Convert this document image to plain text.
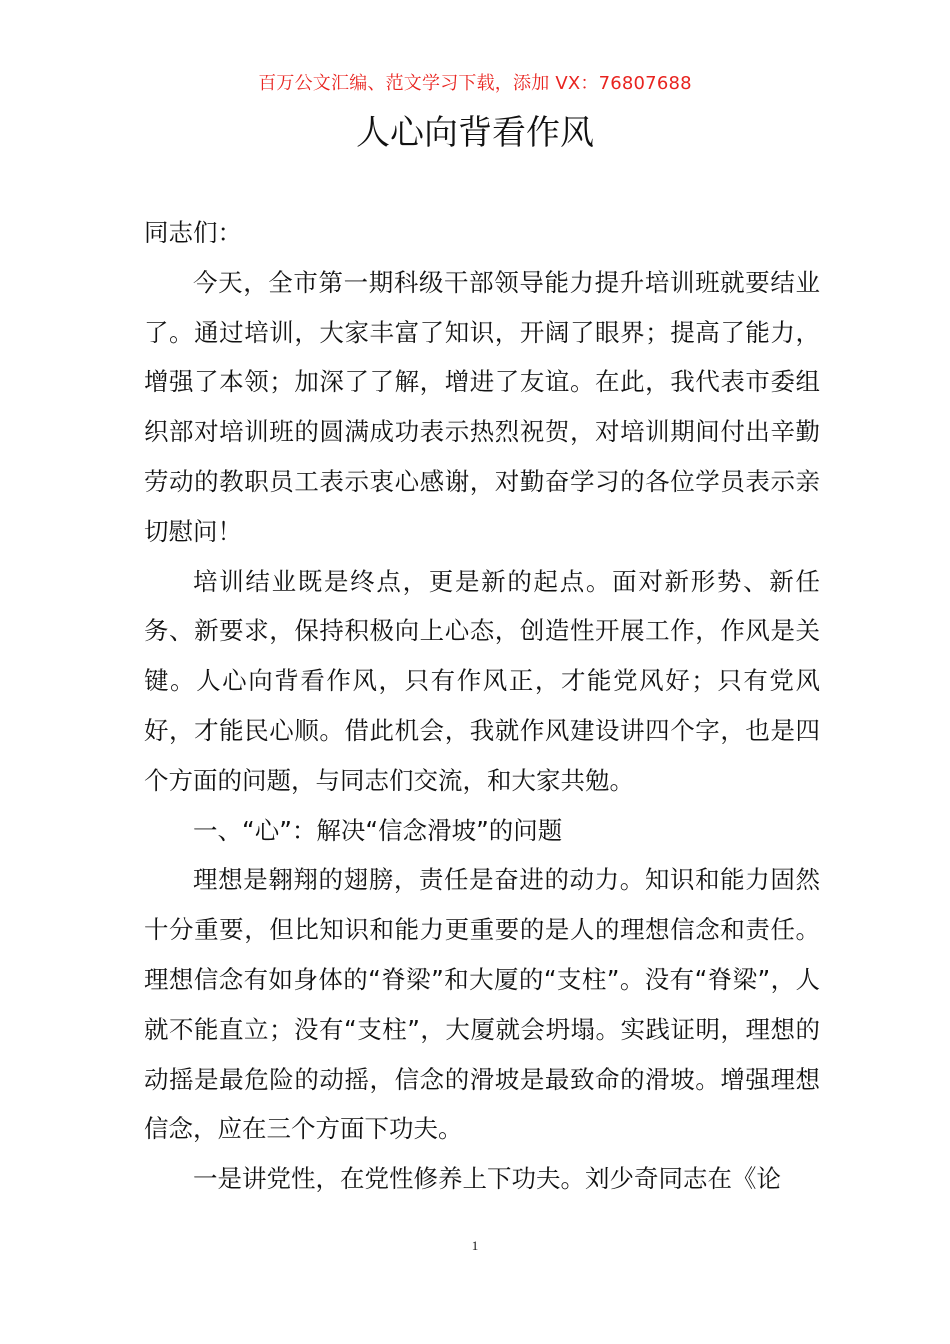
百万公文汇编、范文学习下载，添加 VX：76807688
人心向背看作风

同志们：

今天，全市第一期科级干部领导能力提升培训班就要结业了。通过培训，大家丰富了知识，开阔了眼界；提高了能力，增强了本领；加深了了解，增进了友谊。在此，我代表市委组织部对培训班的圆满成功表示热烈祝贺，对培训期间付出辛勤劳动的教职员工表示衷心感谢，对勤奋学习的各位学员表示亲切慰问！

培训结业既是终点，更是新的起点。面对新形势、新任务、新要求，保持积极向上心态，创造性开展工作，作风是关键。人心向背看作风，只有作风正，才能党风好；只有党风好，才能民心顺。借此机会，我就作风建设讲四个字，也是四个方面的问题，与同志们交流，和大家共勉。

一、“心”：解决“信念滑坡”的问题

理想是翱翔的翅膀，责任是奋进的动力。知识和能力固然十分重要，但比知识和能力更重要的是人的理想信念和责任。理想信念有如身体的“脊梁”和大厦的“支柱”。没有“脊梁”，人就不能直立；没有“支柱”，大厦就会坍塌。实践证明，理想的动摇是最危险的动摇，信念的滑坡是最致命的滑坡。增强理想信念，应在三个方面下功夫。

一是讲党性，在党性修养上下功夫。刘少奇同志在《论

1
